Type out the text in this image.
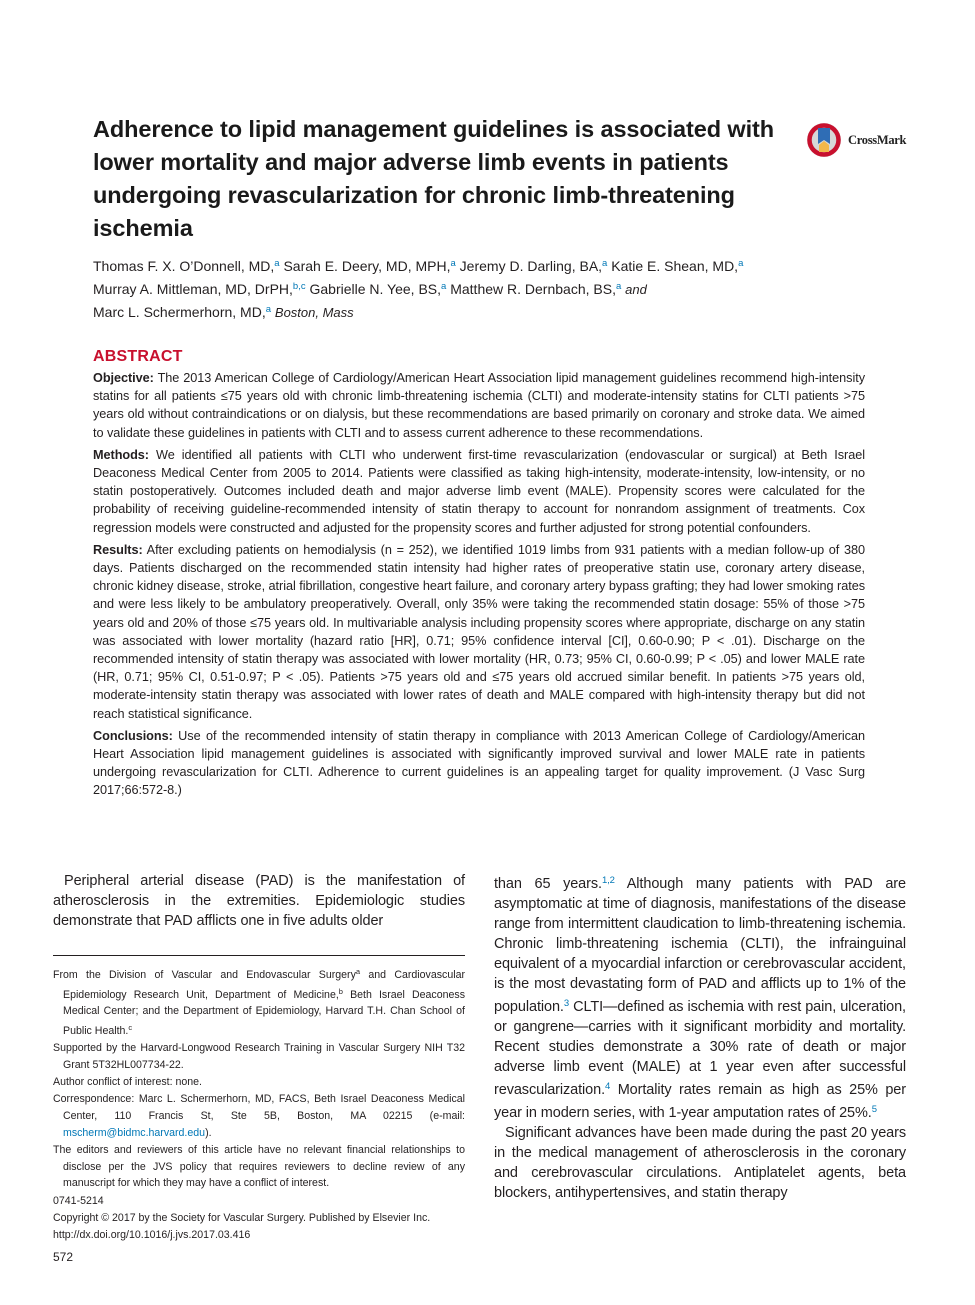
Adherence to lipid management guidelines is associated with lower mortality and major adverse limb events in patients undergoing revascularization for chronic limb-threatening ischemia
CrossMark
Thomas F. X. O’Donnell, MD,$^a$ Sarah E. Deery, MD, MPH,$^a$ Jeremy D. Darling, BA,$^a$ Katie E. Shean, MD,$^a$
Murray A. Mittleman, MD, DrPH,$^{b,c}$ Gabrielle N. Yee, BS,$^a$ Matthew R. Dernbach, BS,$^a$ and
Marc L. Schermerhorn, MD,$^a$ Boston, Mass
ABSTRACT

Objective: The 2013 American College of Cardiology/American Heart Association lipid management guidelines recommend high-intensity statins for all patients ≤75 years old with chronic limb-threatening ischemia (CLTI) and moderate-intensity statins for CLTI patients >75 years old without contraindications or on dialysis, but these recommendations are based primarily on coronary and stroke data. We aimed to validate these guidelines in patients with CLTI and to assess current adherence to these recommendations.

Methods: We identified all patients with CLTI who underwent first-time revascularization (endovascular or surgical) at Beth Israel Deaconess Medical Center from 2005 to 2014. Patients were classified as taking high-intensity, moderate-intensity, low-intensity, or no statin postoperatively. Outcomes included death and major adverse limb event (MALE). Propensity scores were calculated for the probability of receiving guideline-recommended intensity of statin therapy to account for nonrandom assignment of treatments. Cox regression models were constructed and adjusted for the propensity scores and further adjusted for strong potential confounders.

Results: After excluding patients on hemodialysis (n = 252), we identified 1019 limbs from 931 patients with a median follow-up of 380 days. Patients discharged on the recommended statin intensity had higher rates of preoperative statin use, coronary artery disease, chronic kidney disease, stroke, atrial fibrillation, congestive heart failure, and coronary artery bypass grafting; they had lower smoking rates and were less likely to be ambulatory preoperatively. Overall, only 35% were taking the recommended statin dosage: 55% of those >75 years old and 20% of those ≤75 years old. In multivariable analysis including propensity scores where appropriate, discharge on any statin was associated with lower mortality (hazard ratio [HR], 0.71; 95% confidence interval [CI], 0.60-0.90; P < .01). Discharge on the recommended intensity of statin therapy was associated with lower mortality (HR, 0.73; 95% CI, 0.60-0.99; P < .05) and lower MALE rate (HR, 0.71; 95% CI, 0.51-0.97; P < .05). Patients >75 years old and ≤75 years old accrued similar benefit. In patients >75 years old, moderate-intensity statin therapy was associated with lower rates of death and MALE compared with high-intensity therapy but did not reach statistical significance.

Conclusions: Use of the recommended intensity of statin therapy in compliance with 2013 American College of Cardiology/American Heart Association lipid management guidelines is associated with significantly improved survival and lower MALE rate in patients undergoing revascularization for CLTI. Adherence to current guidelines is an appealing target for quality improvement. (J Vasc Surg 2017;66:572-8.)

Peripheral arterial disease (PAD) is the manifestation of atherosclerosis in the extremities. Epidemiologic studies demonstrate that PAD afflicts one in five adults older

From the Division of Vascular and Endovascular Surgery$^a$ and Cardiovascular Epidemiology Research Unit, Department of Medicine,$^b$ Beth Israel Deaconess Medical Center; and the Department of Epidemiology, Harvard T.H. Chan School of Public Health.$^c$

Supported by the Harvard-Longwood Research Training in Vascular Surgery NIH T32 Grant 5T32HL007734-22.

Author conflict of interest: none.

Correspondence: Marc L. Schermerhorn, MD, FACS, Beth Israel Deaconess Medical Center, 110 Francis St, Ste 5B, Boston, MA 02215 (e-mail: mscherm@bidmc.harvard.edu).

The editors and reviewers of this article have no relevant financial relationships to disclose per the JVS policy that requires reviewers to decline review of any manuscript for which they may have a conflict of interest.

0741-5214

Copyright © 2017 by the Society for Vascular Surgery. Published by Elsevier Inc.

http://dx.doi.org/10.1016/j.jvs.2017.03.416

572

than 65 years.$^{1,2}$ Although many patients with PAD are asymptomatic at time of diagnosis, manifestations of the disease range from intermittent claudication to limb-threatening ischemia. Chronic limb-threatening ischemia (CLTI), the infrainguinal equivalent of a myocardial infarction or cerebrovascular accident, is the most devastating form of PAD and afflicts up to 1% of the population.$^3$ CLTI—defined as ischemia with rest pain, ulceration, or gangrene—carries with it significant morbidity and mortality. Recent studies demonstrate a 30% rate of death or major adverse limb event (MALE) at 1 year even after successful revascularization.$^4$ Mortality rates remain as high as 25% per year in modern series, with 1-year amputation rates of 25%.$^5$

Significant advances have been made during the past 20 years in the medical management of atherosclerosis in the coronary and cerebrovascular circulations. Antiplatelet agents, beta blockers, antihypertensives, and statin therapy
